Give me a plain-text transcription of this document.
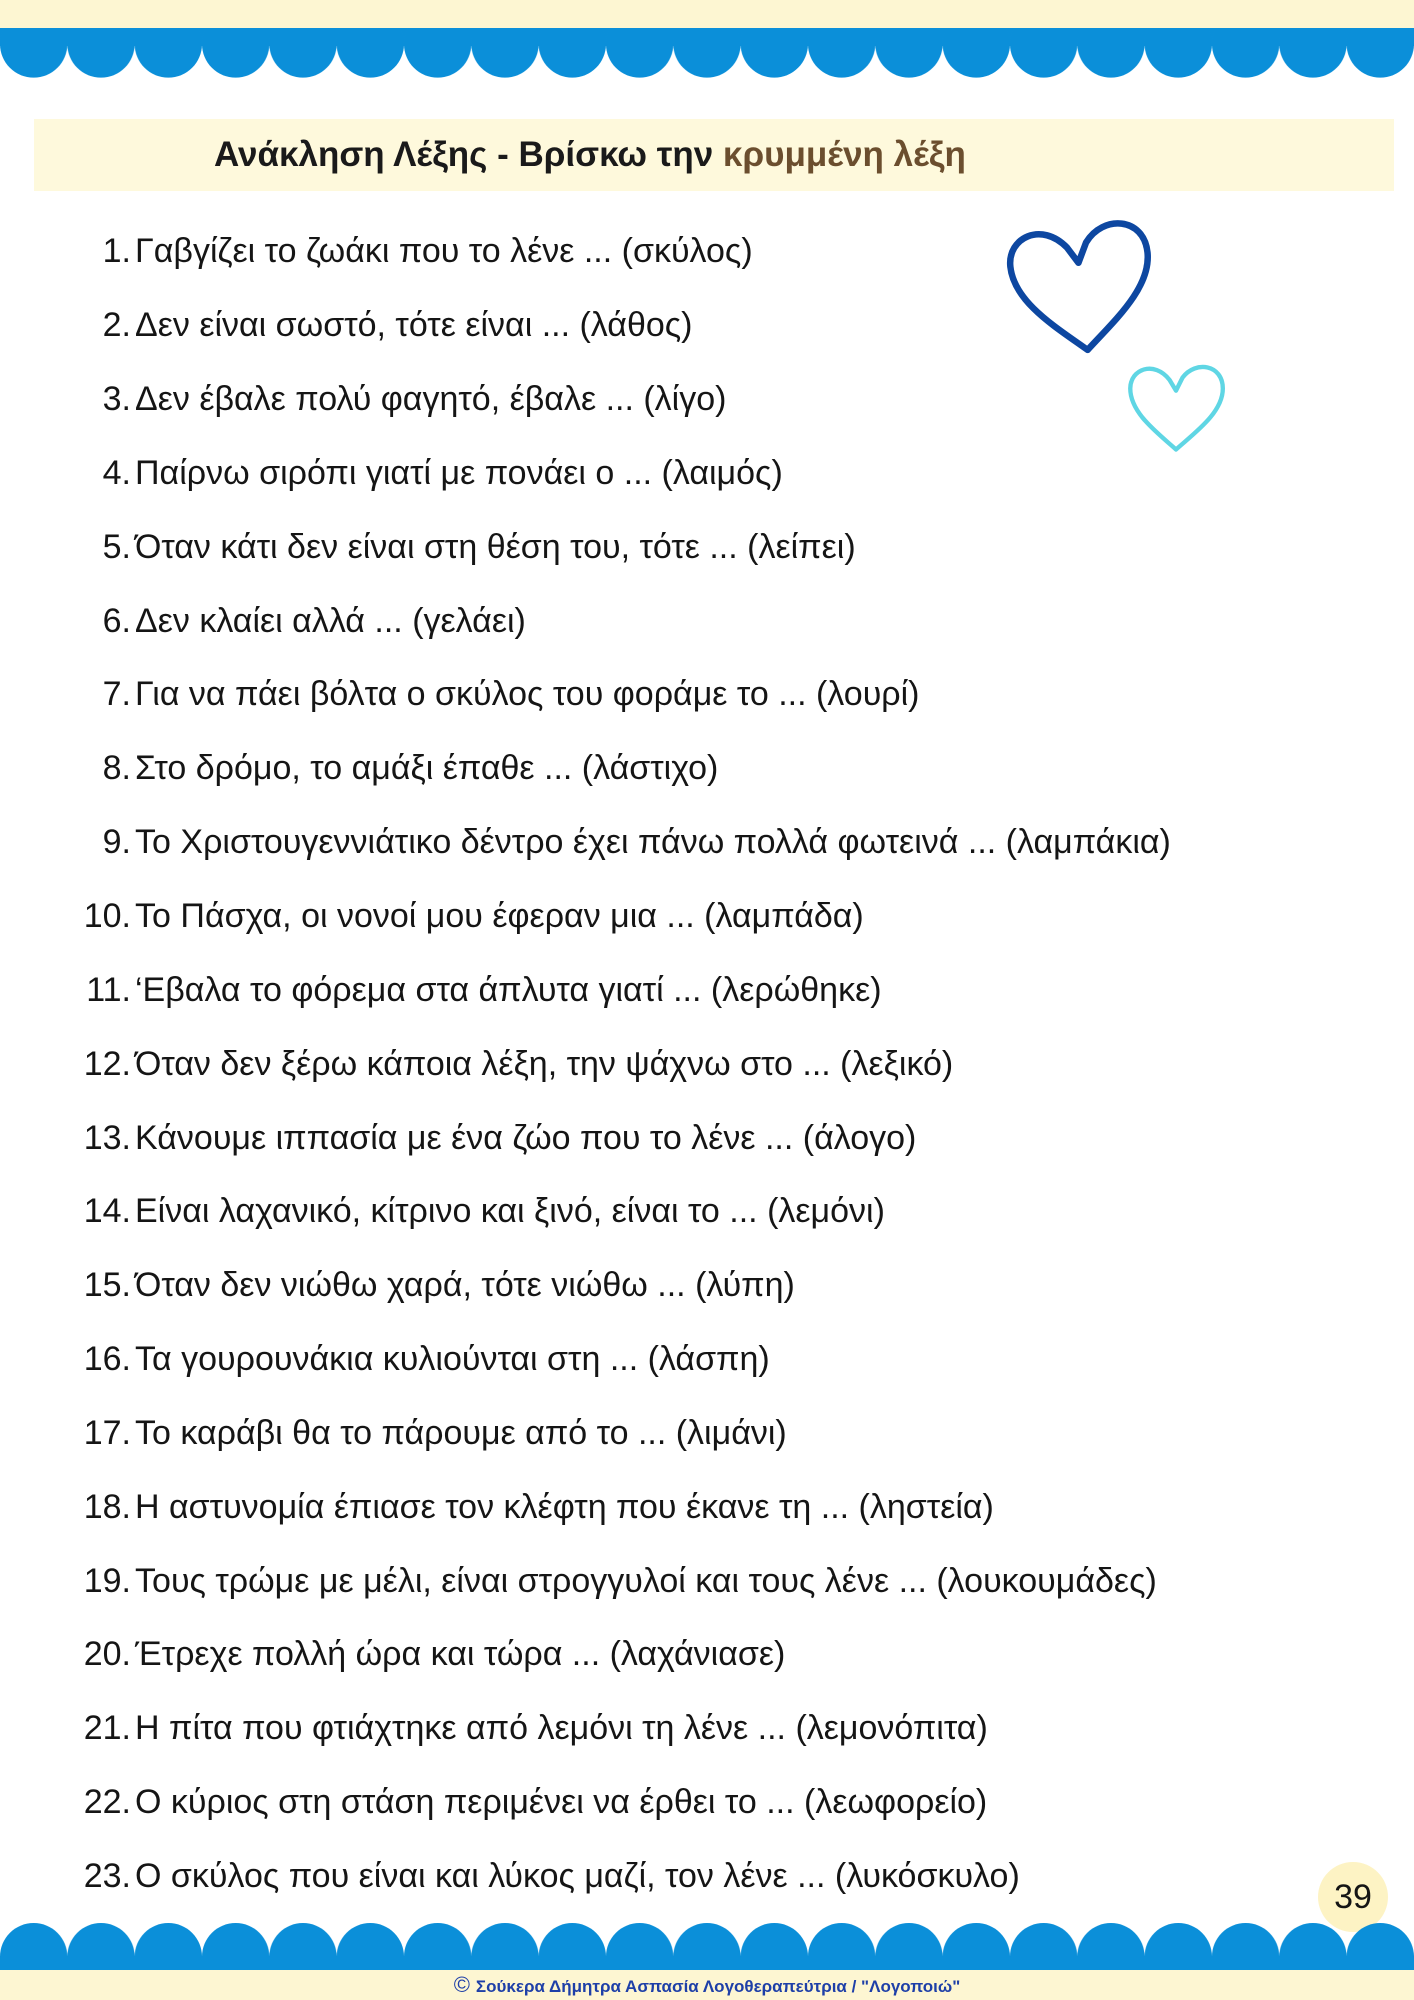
Ανάκληση Λέξης - Βρίσκω την κρυμμένη λέξη
1. Γαβγίζει το ζωάκι που το λένε ... (σκύλος)
2. Δεν είναι σωστό, τότε είναι ... (λάθος)
3. Δεν έβαλε πολύ φαγητό, έβαλε ... (λίγο)
4. Παίρνω σιρόπι γιατί με πονάει ο ... (λαιμός)
5. Όταν κάτι δεν είναι στη θέση του, τότε ... (λείπει)
6. Δεν κλαίει αλλά ... (γελάει)
7. Για να πάει βόλτα ο σκύλος του φοράμε το ... (λουρί)
8. Στο δρόμο, το αμάξι έπαθε ... (λάστιχο)
9. Το Χριστουγεννιάτικο δέντρο έχει πάνω πολλά φωτεινά ... (λαμπάκια)
10. Το Πάσχα, οι νονοί μου έφεραν μια ... (λαμπάδα)
11. ‘Εβαλα το φόρεμα στα άπλυτα γιατί ... (λερώθηκε)
12. Όταν δεν ξέρω κάποια λέξη, την ψάχνω στο ... (λεξικό)
13. Κάνουμε ιππασία με ένα ζώο που το λένε ... (άλογο)
14. Είναι λαχανικό, κίτρινο και ξινό, είναι το ... (λεμόνι)
15. Όταν δεν νιώθω χαρά, τότε νιώθω ... (λύπη)
16. Τα γουρουνάκια κυλιούνται στη ... (λάσπη)
17. Το καράβι θα το πάρουμε από το ... (λιμάνι)
18. Η αστυνομία έπιασε τον κλέφτη που έκανε τη ... (ληστεία)
19. Τους τρώμε με μέλι, είναι στρογγυλοί και τους λένε ... (λουκουμάδες)
20. Έτρεχε πολλή ώρα και τώρα ... (λαχάνιασε)
21. Η πίτα που φτιάχτηκε από λεμόνι τη λένε ... (λεμονόπιτα)
22. Ο κύριος στη στάση περιμένει να έρθει το ... (λεωφορείο)
23. Ο σκύλος που είναι και λύκος μαζί, τον λένε ... (λυκόσκυλο)
39
© Σούκερα Δήμητρα Ασπασία Λογοθεραπεύτρια / "Λογοποιώ"
